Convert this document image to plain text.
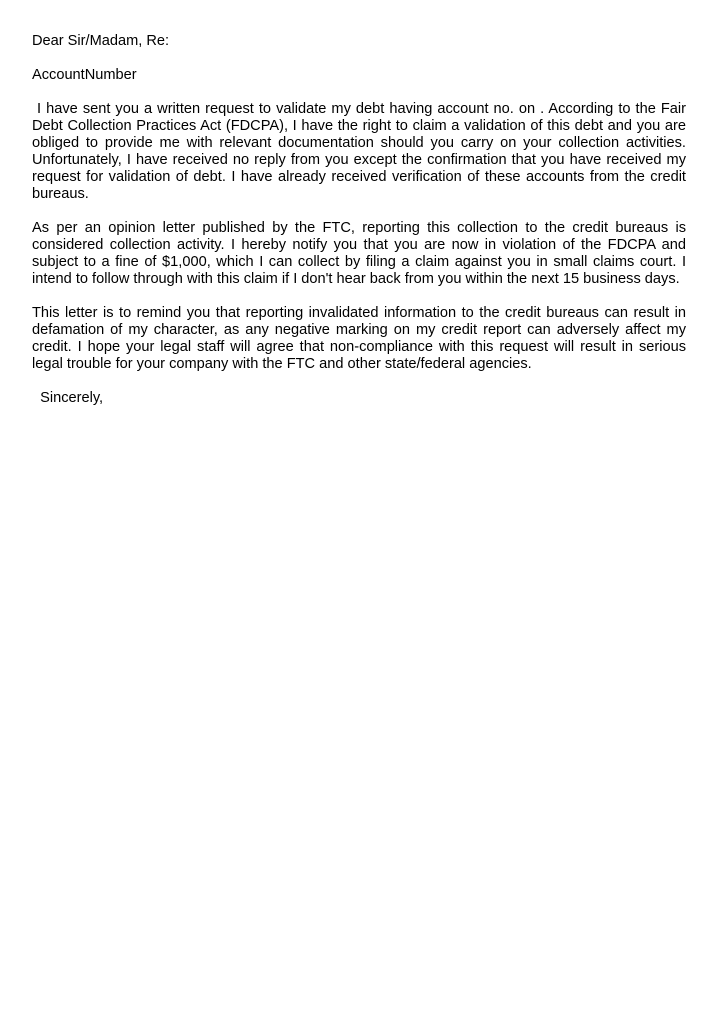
Dear Sir/Madam, Re:

AccountNumber

I have sent you a written request to validate my debt having account no. on . According to the Fair Debt Collection Practices Act (FDCPA), I have the right to claim a validation of this debt and you are obliged to provide me with relevant documentation should you carry on your collection activities. Unfortunately, I have received no reply from you except the confirmation that you have received my request for validation of debt. I have already received verification of these accounts from the credit bureaus.

As per an opinion letter published by the FTC, reporting this collection to the credit bureaus is considered collection activity. I hereby notify you that you are now in violation of the FDCPA and subject to a fine of $1,000, which I can collect by filing a claim against you in small claims court. I intend to follow through with this claim if I don't hear back from you within the next 15 business days.

This letter is to remind you that reporting invalidated information to the credit bureaus can result in defamation of my character, as any negative marking on my credit report can adversely affect my credit. I hope your legal staff will agree that non-compliance with this request will result in serious legal trouble for your company with the FTC and other state/federal agencies.

Sincerely,
